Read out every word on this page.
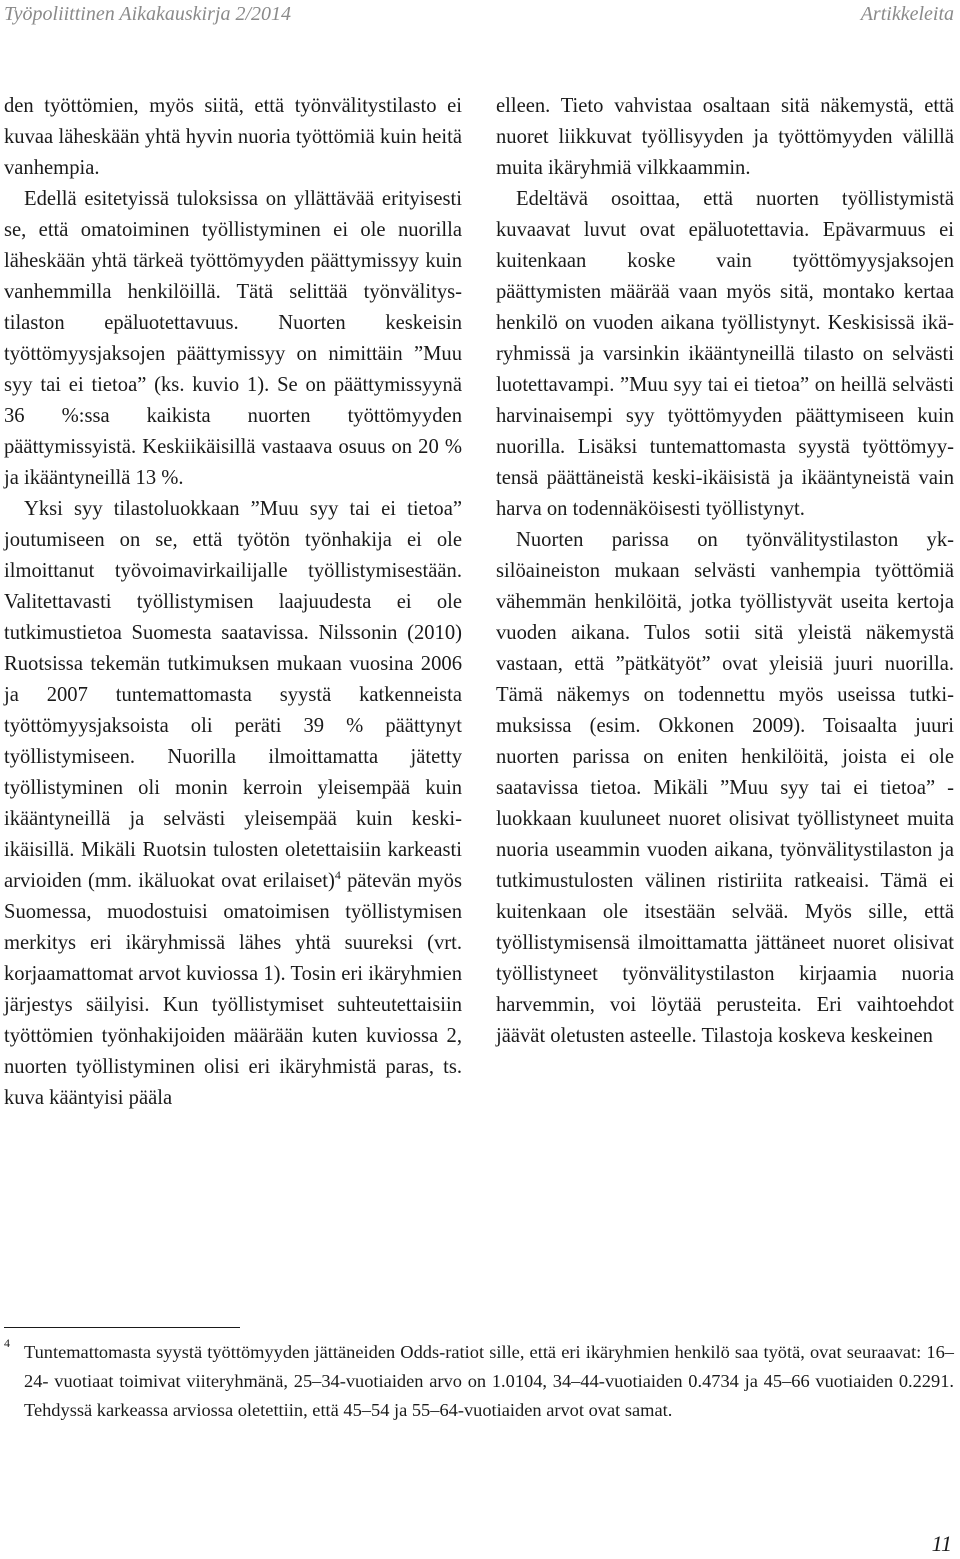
Työpoliittinen Aikakauskirja 2/2014	Artikkeleita

den työttömien, myös siitä, että työnvälitystilasto ei kuvaa läheskään yhtä hyvin nuoria työttömiä kuin heitä vanhempia.

Edellä esitetyissä tuloksissa on yllättävää erityisesti se, että omatoiminen työllistyminen ei ole nuorilla läheskään yhtä tärkeä työttömyyden päättymissyy kuin vanhemmilla henkilöillä. Tätä selittää työnvälitystilaston epäluotettavuus. Nuorten keskeisin työttömyysjaksojen päättymissyy on nimittäin ”Muu syy tai ei tietoa” (ks. kuvio 1). Se on päättymissyynä 36 %:ssa kaikista nuorten työttömyyden päättymissyistä. Keskiikäisillä vastaava osuus on 20 % ja ikääntyneillä 13 %.

Yksi syy tilastoluokkaan ”Muu syy tai ei tietoa” joutumiseen on se, että työtön työnhakija ei ole ilmoittanut työvoimavirkailijalle työllistymisestään. Valitettavasti työllistymisen laajuudesta ei ole tutkimustietoa Suomesta saatavissa. Nilssonin (2010) Ruotsissa tekemän tutkimuksen mukaan vuosina 2006 ja 2007 tuntemattomasta syystä katkenneista työttömyysjaksoista oli peräti 39 % päättynyt työllistymiseen. Nuorilla ilmoittamatta jätetty työllistyminen oli monin kerroin yleisempää kuin ikääntyneillä ja selvästi yleisempää kuin keski-ikäisillä. Mikäli Ruotsin tulosten oletettaisiin karkeasti arvioiden (mm. ikäluokat ovat erilaiset)$^4$ pätevän myös Suomessa, muodostuisi omatoimisen työllistymisen merkitys eri ikäryhmissä lähes yhtä suureksi (vrt. korjaamattomat arvot kuviossa 1). Tosin eri ikäryhmien järjestys säilyisi. Kun työllistymiset suhteutettaisiin työttömien työnhakijoiden määrään kuten kuviossa 2, nuorten työllistyminen olisi eri ikäryhmistä paras, ts. kuva kääntyisi pääla

elleen. Tieto vahvistaa osaltaan sitä näkemystä, että nuoret liikkuvat työllisyyden ja työttömyyden välillä muita ikäryhmiä vilkkaammin.

Edeltävä osoittaa, että nuorten työllistymistä kuvaavat luvut ovat epäluotettavia. Epävarmuus ei kuitenkaan koske vain työttömyysjaksojen päättymisten määrää vaan myös sitä, montako kertaa henkilö on vuoden aikana työllistynyt. Keskisissä ikäryhmissä ja varsinkin ikääntyneillä tilasto on selvästi luotettavampi. ”Muu syy tai ei tietoa” on heillä selvästi harvinaisempi syy työttömyyden päättymiseen kuin nuorilla. Lisäksi tuntemattomasta syystä työttömyytensä päättäneistä keski-ikäisistä ja ikääntyneistä vain harva on todennäköisesti työllistynyt.

Nuorten parissa on työnvälitystilaston yksilöaineiston mukaan selvästi vanhempia työttömiä vähemmän henkilöitä, jotka työllistyvät useita kertoja vuoden aikana. Tulos sotii sitä yleistä näkemystä vastaan, että ”pätkätyöt” ovat yleisiä juuri nuorilla. Tämä näkemys on todennettu myös useissa tutkimuksissa (esim. Okkonen 2009). Toisaalta juuri nuorten parissa on eniten henkilöitä, joista ei ole saatavissa tietoa. Mikäli ”Muu syy tai ei tietoa” -luokkaan kuuluneet nuoret olisivat työllistyneet muita nuoria useammin vuoden aikana, työnvälitystilaston ja tutkimustulosten välinen ristiriita ratkeaisi. Tämä ei kuitenkaan ole itsestään selvää. Myös sille, että työllistymisensä ilmoittamatta jättäneet nuoret olisivat työllistyneet työnvälitystilaston kirjaamia nuoria harvemmin, voi löytää perusteita. Eri vaihtoehdot jäävät oletusten asteelle. Tilastoja koskeva keskeinen

4 Tuntemattomasta syystä työttömyyden jättäneiden Odds-ratiot sille, että eri ikäryhmien henkilö saa työtä, ovat seuraavat: 16–24- vuotiaat toimivat viiteryhmänä, 25–34-vuotiaiden arvo on 1.0104, 34–44-vuotiaiden 0.4734 ja 45–66 vuotiaiden 0.2291. Tehdyssä karkeassa arviossa oletettiin, että 45–54 ja 55–64-vuotiaiden arvot ovat samat.
11
